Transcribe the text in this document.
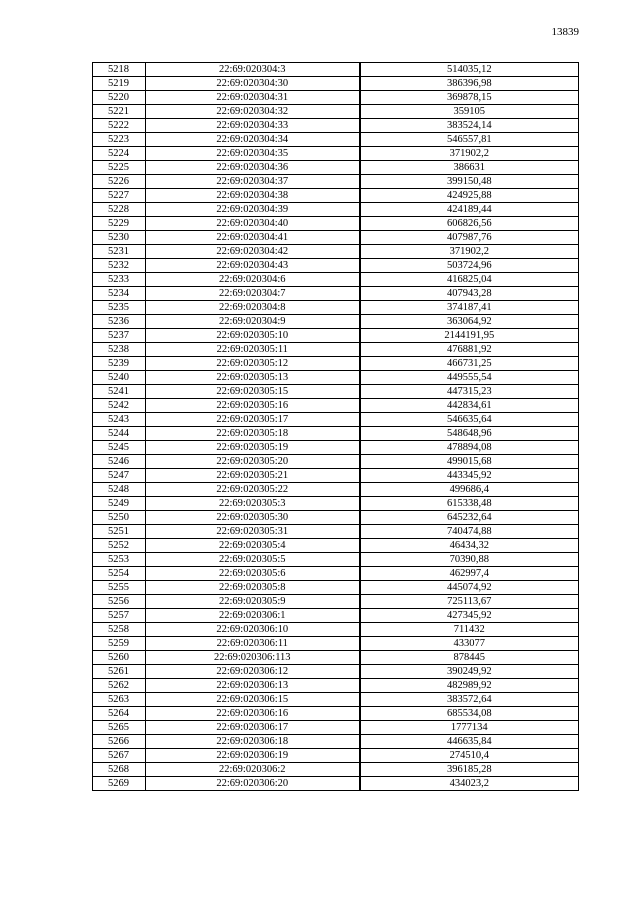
13839
5218	22:69:020304:3	514035,12
5219	22:69:020304:30	386396,98
5220	22:69:020304:31	369878,15
5221	22:69:020304:32	359105
5222	22:69:020304:33	383524,14
5223	22:69:020304:34	546557,81
5224	22:69:020304:35	371902,2
5225	22:69:020304:36	386631
5226	22:69:020304:37	399150,48
5227	22:69:020304:38	424925,88
5228	22:69:020304:39	424189,44
5229	22:69:020304:40	606826,56
5230	22:69:020304:41	407987,76
5231	22:69:020304:42	371902,2
5232	22:69:020304:43	503724,96
5233	22:69:020304:6	416825,04
5234	22:69:020304:7	407943,28
5235	22:69:020304:8	374187,41
5236	22:69:020304:9	363064,92
5237	22:69:020305:10	2144191,95
5238	22:69:020305:11	476881,92
5239	22:69:020305:12	466731,25
5240	22:69:020305:13	449555,54
5241	22:69:020305:15	447315,23
5242	22:69:020305:16	442834,61
5243	22:69:020305:17	546635,64
5244	22:69:020305:18	548648,96
5245	22:69:020305:19	478894,08
5246	22:69:020305:20	499015,68
5247	22:69:020305:21	443345,92
5248	22:69:020305:22	499686,4
5249	22:69:020305:3	615338,48
5250	22:69:020305:30	645232,64
5251	22:69:020305:31	740474,88
5252	22:69:020305:4	46434,32
5253	22:69:020305:5	70390,88
5254	22:69:020305:6	462997,4
5255	22:69:020305:8	445074,92
5256	22:69:020305:9	725113,67
5257	22:69:020306:1	427345,92
5258	22:69:020306:10	711432
5259	22:69:020306:11	433077
5260	22:69:020306:113	878445
5261	22:69:020306:12	390249,92
5262	22:69:020306:13	482989,92
5263	22:69:020306:15	383572,64
5264	22:69:020306:16	685534,08
5265	22:69:020306:17	1777134
5266	22:69:020306:18	446635,84
5267	22:69:020306:19	274510,4
5268	22:69:020306:2	396185,28
5269	22:69:020306:20	434023,2
